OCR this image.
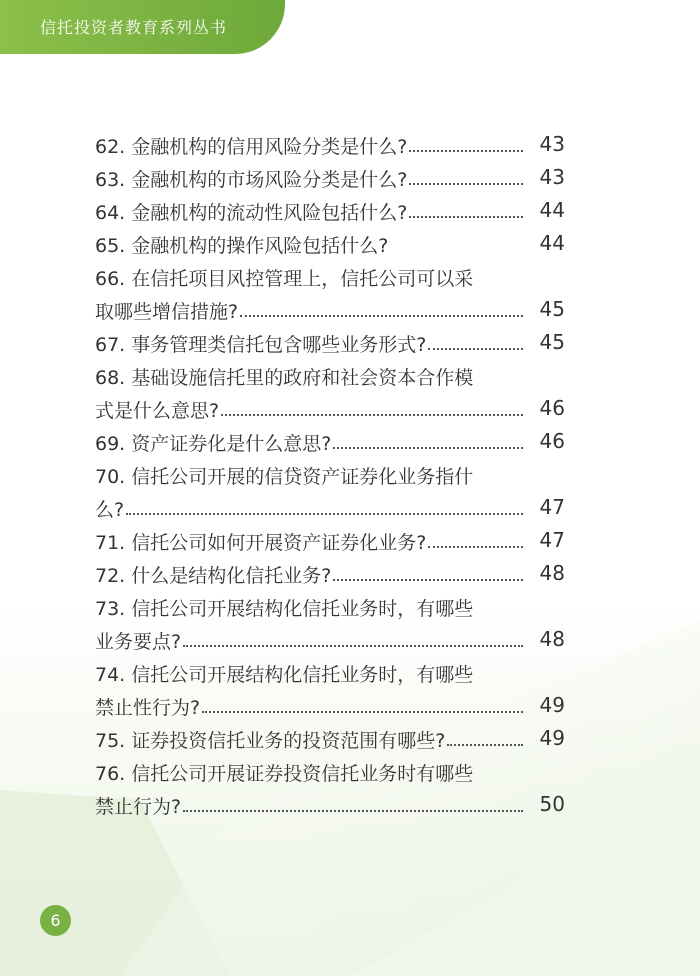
信托投资者教育系列丛书
62. 金融机构的信用风险分类是什么?	43
63. 金融机构的市场风险分类是什么?	43
64. 金融机构的流动性风险包括什么?	44
65. 金融机构的操作风险包括什么?	44
66. 在信托项目风控管理上，信托公司可以采
取哪些增信措施?	45
67. 事务管理类信托包含哪些业务形式?	45
68. 基础设施信托里的政府和社会资本合作模
式是什么意思?	46
69. 资产证券化是什么意思?	46
70. 信托公司开展的信贷资产证券化业务指什
么?	47
71. 信托公司如何开展资产证券化业务?	47
72. 什么是结构化信托业务?	48
73. 信托公司开展结构化信托业务时，有哪些
业务要点?	48
74. 信托公司开展结构化信托业务时，有哪些
禁止性行为?	49
75. 证券投资信托业务的投资范围有哪些?	49
76. 信托公司开展证券投资信托业务时有哪些
禁止行为?	50
6
